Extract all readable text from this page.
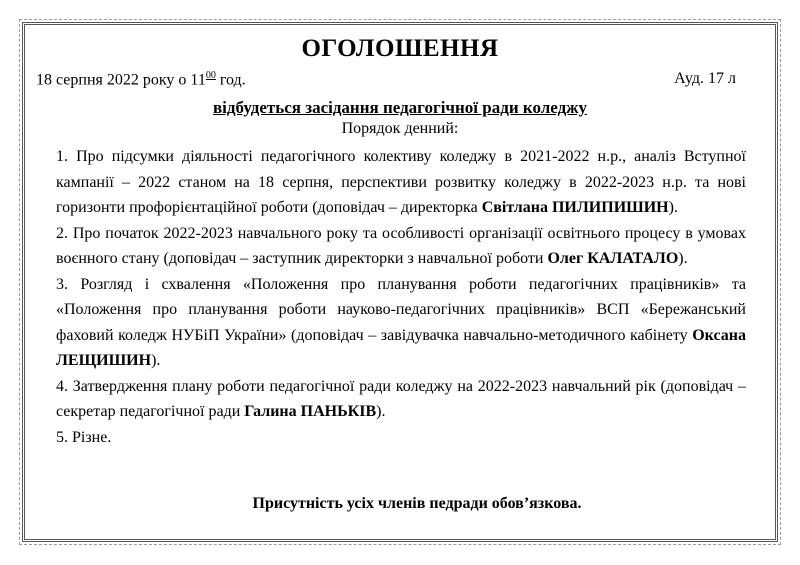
ОГОЛОШЕННЯ
18 серпня 2022 року о $11^{00}$ год.	Ауд. 17 л
відбудеться засідання педагогічної ради коледжу
Порядок денний:

1. Про підсумки діяльності педагогічного колективу коледжу в 2021-2022 н.р., аналіз Вступної кампанії – 2022 станом на 18 серпня, перспективи розвитку коледжу в 2022-2023 н.р. та нові горизонти профорієнтаційної роботи (доповідач – директорка Світлана ПИЛИПИШИН).

2. Про початок 2022-2023 навчального року та особливості організації освітнього процесу в умовах воєнного стану (доповідач – заступник директорки з навчальної роботи Олег КАЛАТАЛО).

3. Розгляд і схвалення «Положення про планування роботи педагогічних працівників» та «Положення про планування роботи науково-педагогічних працівників» ВСП «Бережанський фаховий коледж НУБіП України» (доповідач – завідувачка навчально-методичного кабінету Оксана ЛЕЩИШИН).

4. Затвердження плану роботи педагогічної ради коледжу на 2022-2023 навчальний рік (доповідач – секретар педагогічної ради Галина ПАНЬКІВ).

5. Різне.

Присутність усіх членів педради обов’язкова.
